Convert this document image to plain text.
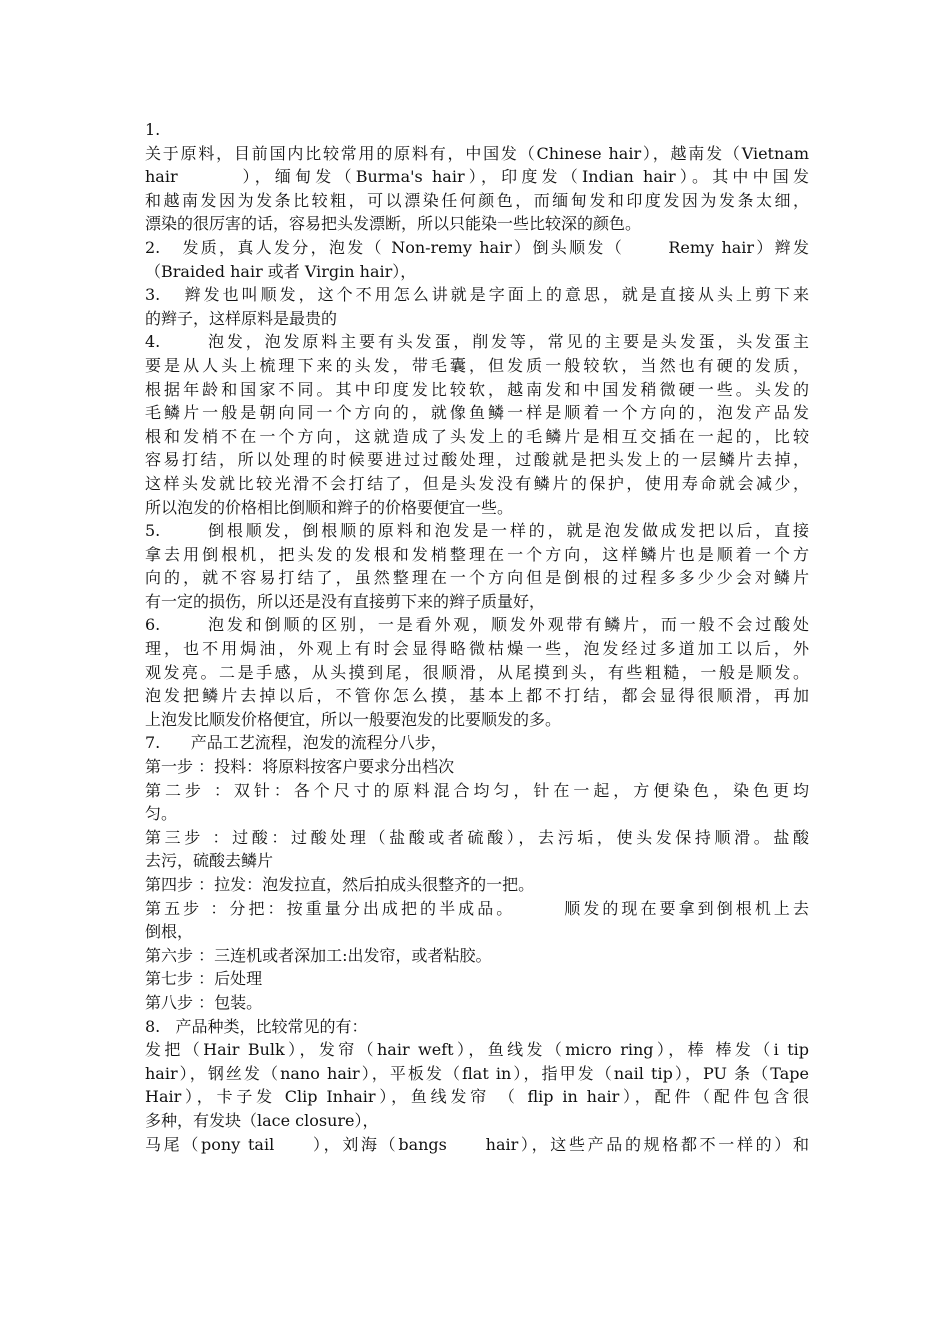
1.
关于原料，目前国内比较常用的原料有，中国发（Chinese hair），越南发（Vietnam
hair       ），缅甸发（Burma's hair），印度发（Indian hair）。其中中国发
和越南发因为发条比较粗，可以漂染任何颜色，而缅甸发和印度发因为发条太细，
漂染的很厉害的话，容易把头发漂断，所以只能染一些比较深的颜色。
2.   发质，真人发分，泡发（ Non-remy hair）倒头顺发（      Remy hair）辫发
（Braided hair 或者 Virgin hair），
3.   辫发也叫顺发，这个不用怎么讲就是字面上的意思，就是直接从头上剪下来
的辫子，这样原料是最贵的
4.      泡发，泡发原料主要有头发蛋，削发等，常见的主要是头发蛋，头发蛋主
要是从人头上梳理下来的头发，带毛囊，但发质一般较软，当然也有硬的发质，
根据年龄和国家不同。其中印度发比较软，越南发和中国发稍微硬一些。头发的
毛鳞片一般是朝向同一个方向的，就像鱼鳞一样是顺着一个方向的，泡发产品发
根和发梢不在一个方向，这就造成了头发上的毛鳞片是相互交插在一起的，比较
容易打结，所以处理的时候要进过过酸处理，过酸就是把头发上的一层鳞片去掉，
这样头发就比较光滑不会打结了，但是头发没有鳞片的保护，使用寿命就会减少，
所以泡发的价格相比倒顺和辫子的价格要便宜一些。
5.      倒根顺发，倒根顺的原料和泡发是一样的，就是泡发做成发把以后，直接
拿去用倒根机，把头发的发根和发梢整理在一个方向，这样鳞片也是顺着一个方
向的，就不容易打结了，虽然整理在一个方向但是倒根的过程多多少少会对鳞片
有一定的损伤，所以还是没有直接剪下来的辫子质量好，
6.      泡发和倒顺的区别，一是看外观，顺发外观带有鳞片，而一般不会过酸处
理，也不用焗油，外观上有时会显得略微枯燥一些，泡发经过多道加工以后，外
观发亮。二是手感，从头摸到尾，很顺滑，从尾摸到头，有些粗糙，一般是顺发。
泡发把鳞片去掉以后，不管你怎么摸，基本上都不打结，都会显得很顺滑，再加
上泡发比顺发价格便宜，所以一般要泡发的比要顺发的多。
7.      产品工艺流程，泡发的流程分八步，
第一步 ：投料：将原料按客户要求分出档次
第二步 ：双针：各个尺寸的原料混合均匀，针在一起，方便染色，染色更均
匀。
第三步 ：过酸：过酸处理（盐酸或者硫酸），去污垢，使头发保持顺滑。盐酸
去污，硫酸去鳞片
第四步 ：拉发：泡发拉直，然后拍成头很整齐的一把。
第五步 ：分把：按重量分出成把的半成品。      顺发的现在要拿到倒根机上去
倒根，
第六步 ：三连机或者深加工:出发帘，或者粘胶。
第七步 ：后处理
第八步 ：包装。
8.   产品种类，比较常见的有：
发把（Hair Bulk），发帘（hair weft），鱼线发（micro ring），棒 棒发（i tip
hair），钢丝发（nano hair），平板发（flat in），指甲发（nail tip），PU 条（Tape
Hair），卡子发 Clip Inhair），鱼线发帘 （ flip in hair），配件（配件包含很
多种，有发块（lace closure），
马尾（pony tail     ），刘海（bangs     hair），这些产品的规格都不一样的）和
